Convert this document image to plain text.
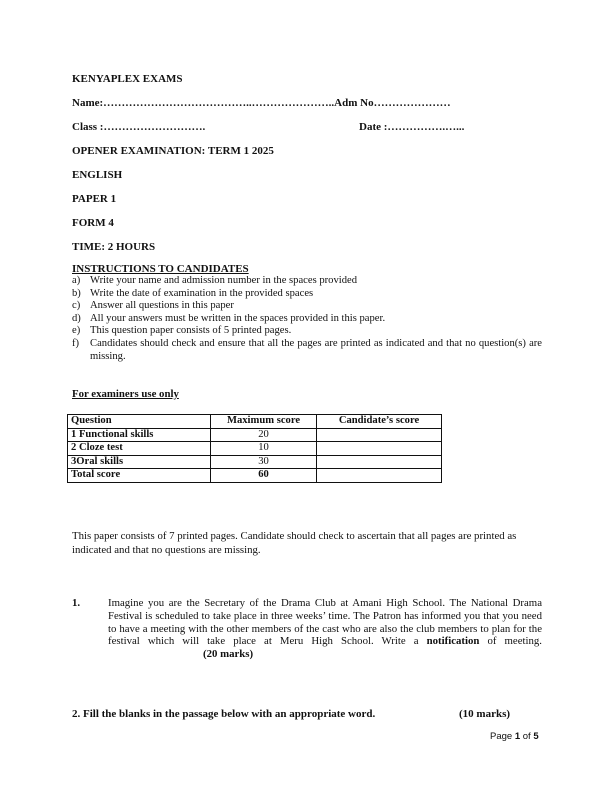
KENYAPLEX EXAMS
Name:…………………………………..…………………..Adm No…………………
Class :……………………….	Date :…………….…...
OPENER EXAMINATION: TERM 1 2025
ENGLISH
PAPER 1
FORM 4
TIME: 2 HOURS
INSTRUCTIONS TO CANDIDATES
a) Write your name and admission number in the spaces provided
b) Write the date of examination in the provided spaces
c) Answer all questions in this paper
d) All your answers must be written in the spaces provided in this paper.
e) This question paper consists of 5 printed pages.
f)	Candidates should check and ensure that all the pages are printed as indicated and that no question(s) are missing.
For examiners use only
Question	Maximum score	Candidate’s score
1 Functional skills	20	
2 Cloze test	10	
3Oral skills	30	
Total score	60	
This paper consists of 7 printed pages. Candidate should check to ascertain that all pages are printed as indicated and that no questions are missing.
1.	Imagine you are the Secretary of the Drama Club at Amani High School. The National Drama Festival is scheduled to take place in three weeks’ time. The Patron has informed you that you need to have a meeting with the other members of the cast who are also the club members to plan for the festival which will take place at Meru High School. Write a notification of meeting.(20 marks)
2. Fill the blanks in the passage below with an appropriate word.	(10 marks)
Page 1 of 5
